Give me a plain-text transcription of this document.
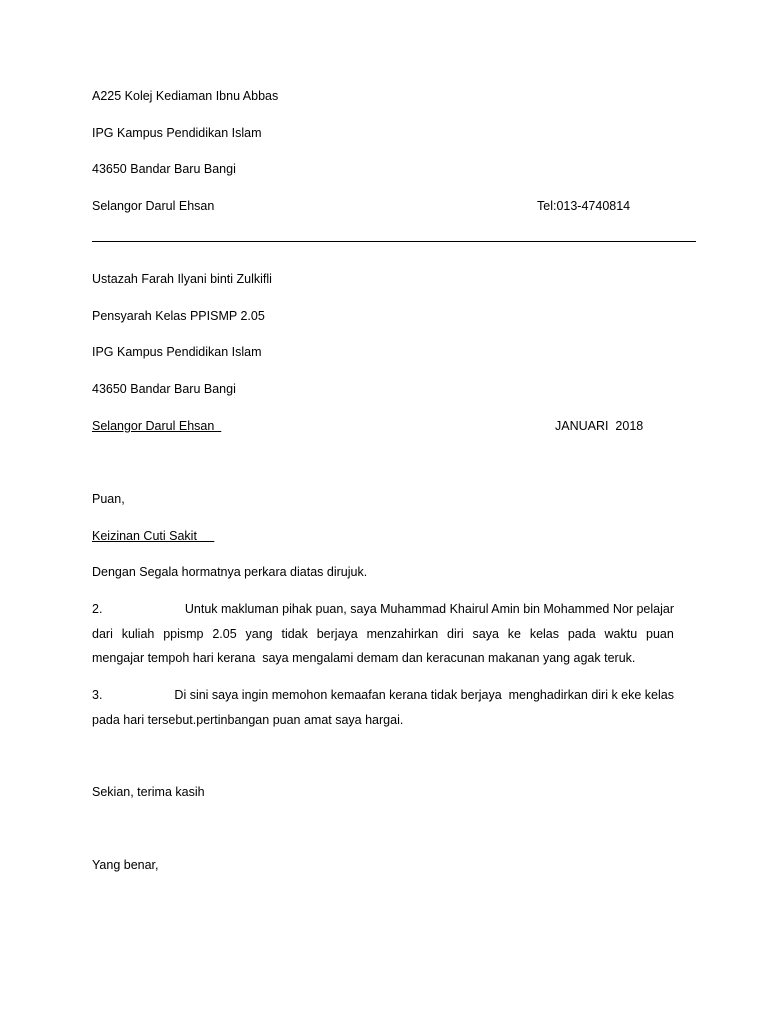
A225 Kolej Kediaman Ibnu Abbas
IPG Kampus Pendidikan Islam
43650 Bandar Baru Bangi
Selangor Darul Ehsan	Tel:013-4740814
Ustazah Farah Ilyani binti Zulkifli
Pensyarah Kelas PPISMP 2.05
IPG Kampus Pendidikan Islam
43650 Bandar Baru Bangi
Selangor Darul Ehsan	JANUARI  2018
Puan,
Keizinan Cuti Sakit
Dengan Segala hormatnya perkara diatas dirujuk.
2.	Untuk makluman pihak puan, saya Muhammad Khairul Amin bin Mohammed Nor pelajar
dari kuliah ppismp 2.05 yang tidak berjaya menzahirkan diri saya ke kelas pada waktu puan
mengajar tempoh hari kerana  saya mengalami demam dan keracunan makanan yang agak teruk.
3.	Di sini saya ingin memohon kemaafan kerana tidak berjaya  menghadirkan diri k eke kelas
pada hari tersebut.pertinbangan puan amat saya hargai.
Sekian, terima kasih
Yang benar,
